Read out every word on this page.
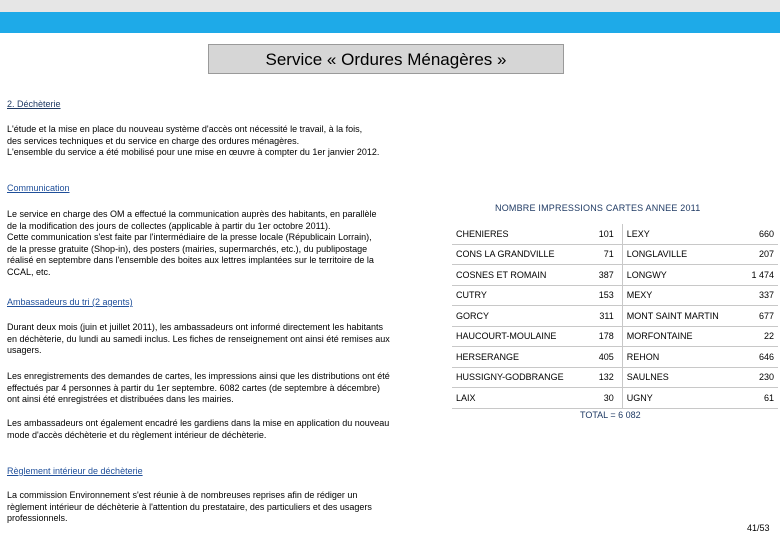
Service « Ordures Ménagères »
2. Déchèterie
L'étude et la mise en place du nouveau système d'accès ont nécessité le travail, à la fois,
des services techniques et du service en charge des ordures ménagères.
L'ensemble du service a été mobilisé pour une mise en œuvre à compter du 1er janvier 2012.
Communication
Le service en charge des OM a effectué la communication auprès des habitants, en parallèle
de la modification des jours de collectes (applicable à partir du 1er octobre 2011).
Cette communication s'est faite par l'intermédiaire de la presse locale (Républicain Lorrain),
de la presse gratuite (Shop-in), des posters (mairies, supermarchés, etc.), du publipostage
réalisé en septembre dans l'ensemble des boites aux lettres implantées sur le territoire de la
CCAL, etc.
Ambassadeurs du tri (2 agents)
Durant deux mois (juin et juillet 2011), les ambassadeurs ont informé directement les habitants
en déchèterie, du lundi au samedi inclus. Les fiches de renseignement ont ainsi été remises aux
usagers.
Les enregistrements des demandes de cartes, les impressions ainsi que les distributions ont été
effectués par 4 personnes à partir du 1er septembre. 6082 cartes (de septembre à décembre)
ont ainsi été enregistrées et distribuées dans les mairies.
Les ambassadeurs ont également encadré les gardiens dans la mise en application du nouveau
mode d'accès déchèterie et du règlement intérieur de déchèterie.
Règlement intérieur de déchèterie
La commission Environnement s'est réunie à de nombreuses reprises afin de rédiger un
règlement intérieur de déchèterie à l'attention du prestataire, des particuliers et des usagers
professionnels.
NOMBRE IMPRESSIONS CARTES ANNEE 2011
CHENIERES	101	LEXY	660
CONS LA GRANDVILLE	71	LONGLAVILLE	207
COSNES ET ROMAIN	387	LONGWY	1 474
CUTRY	153	MEXY	337
GORCY	311	MONT SAINT MARTIN	677
HAUCOURT-MOULAINE	178	MORFONTAINE	22
HERSERANGE	405	REHON	646
HUSSIGNY-GODBRANGE	132	SAULNES	230
LAIX	30	UGNY	61
TOTAL = 6 082
41/53
